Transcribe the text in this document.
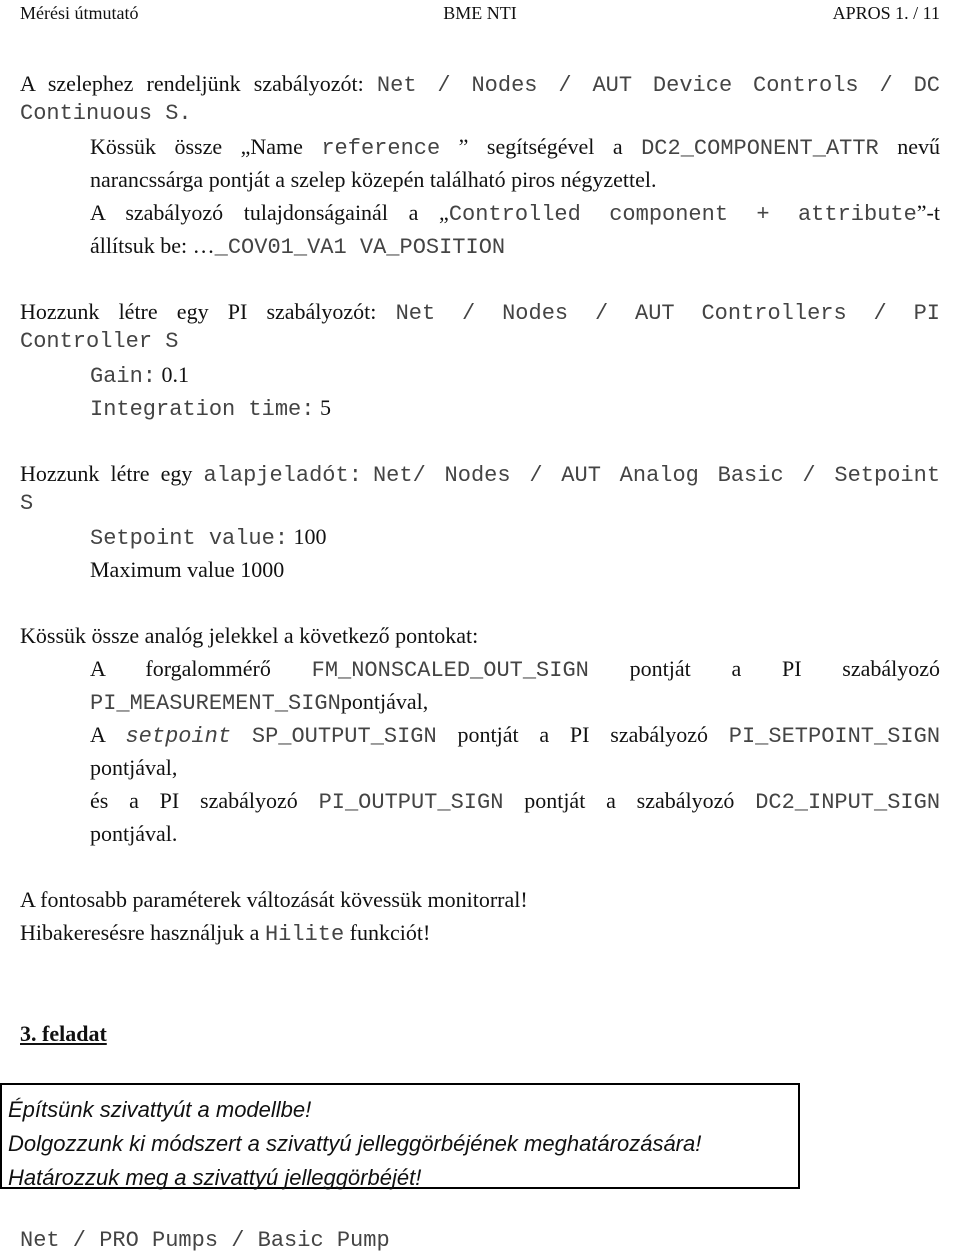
Mérési útmutató	BME NTI	APROS 1. / 11
A szelephez rendeljünk szabályozót: Net / Nodes / AUT Device Controls / DC
Continuous S.
Kössük össze „Name reference ” segítségével a DC2_COMPONENT_ATTR nevű
narancssárga pontját a szelep közepén található piros négyzettel.
A szabályozó tulajdonságainál a „Controlled component + attribute”-t
állítsuk be: …_COV01_VA1 VA_POSITION
Hozzunk létre egy PI szabályozót: Net / Nodes / AUT Controllers / PI
Controller S
Gain: 0.1
Integration time: 5
Hozzunk létre egy alapjeladót: Net/ Nodes / AUT Analog Basic / Setpoint
S
Setpoint value: 100
Maximum value 1000
Kössük össze analóg jelekkel a következő pontokat:
A forgalommérő FM_NONSCALED_OUT_SIGN pontját a PI szabályozó
PI_MEASUREMENT_SIGNpontjával,
A setpoint SP_OUTPUT_SIGN pontját a PI szabályozó PI_SETPOINT_SIGN
pontjával,
és a PI szabályozó PI_OUTPUT_SIGN pontját a szabályozó DC2_INPUT_SIGN
pontjával.
A fontosabb paraméterek változását kövessük monitorral!
Hibakeresésre használjuk a Hilite funkciót!
3. feladat
Építsünk szivattyút a modellbe!
Dolgozzunk ki módszert a szivattyú jelleggörbéjének meghatározására!
Határozzuk meg a szivattyú jelleggörbéjét!
Net / PRO Pumps / Basic Pump
